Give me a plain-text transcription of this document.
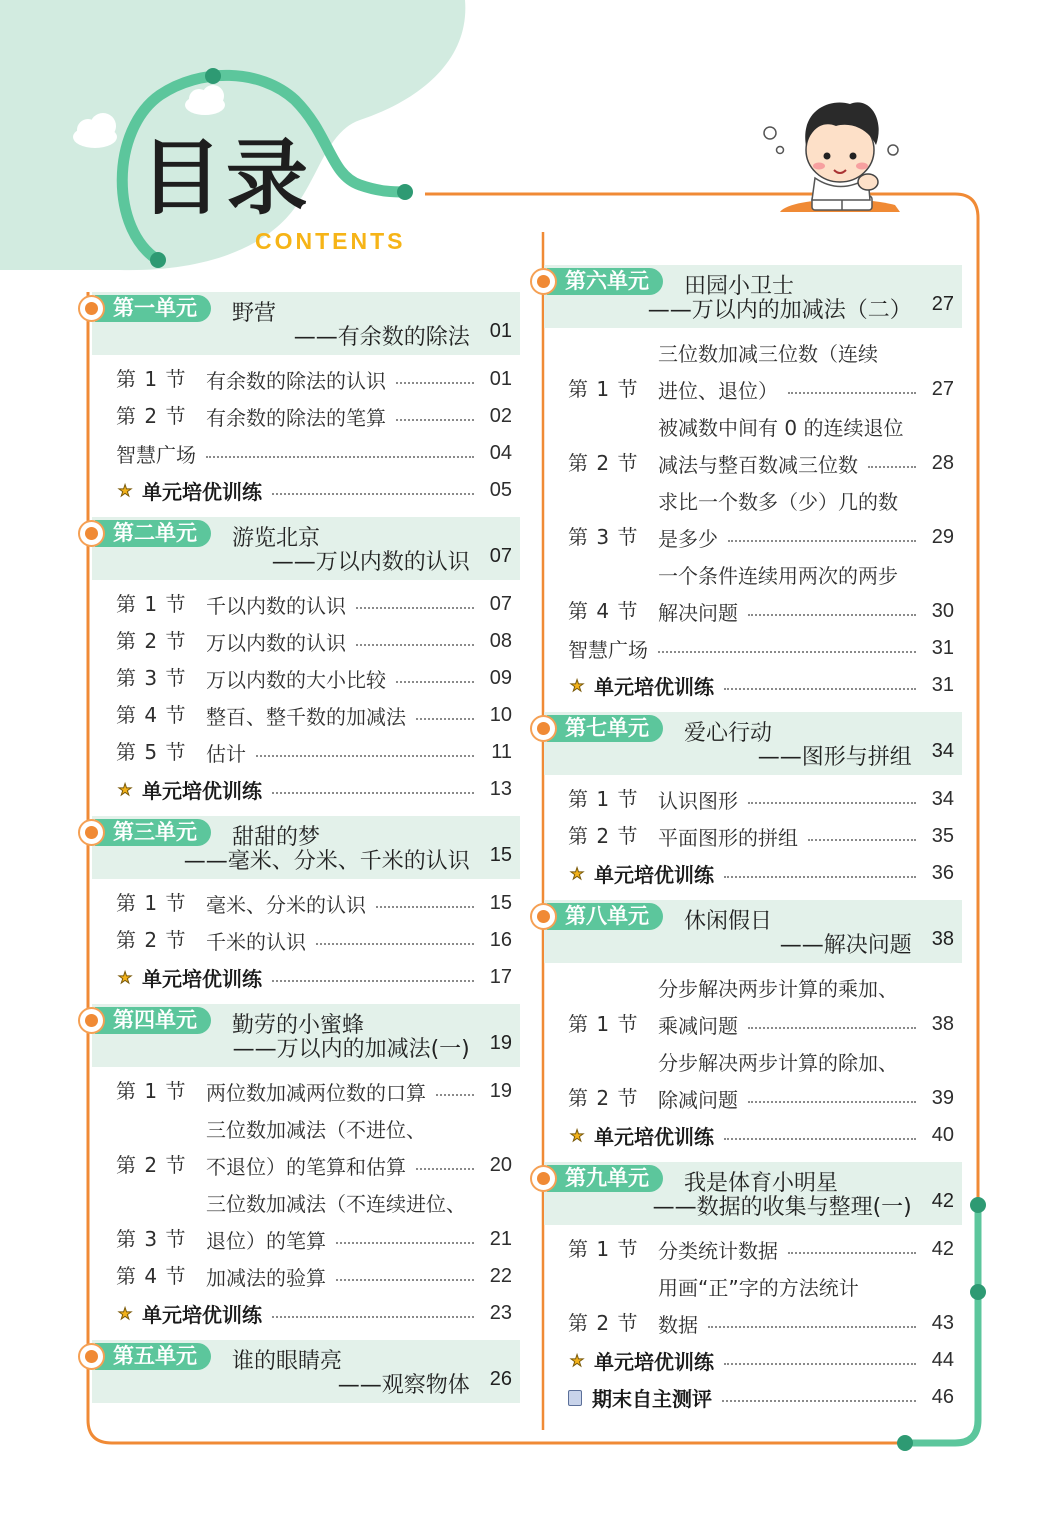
目录
CONTENTS
第一单元	野营
——有余数的除法 01
第 1 节 有余数的除法的认识	01
第 2 节 有余数的除法的笔算	02
智慧广场	04
★ 单元培优训练	05
第二单元	游览北京
——万以内数的认识 07
第 1 节 千以内数的认识	07
第 2 节 万以内数的认识	08
第 3 节 万以内数的大小比较	09
第 4 节 整百、整千数的加减法	10
第 5 节 估计	11
★ 单元培优训练	13
第三单元	甜甜的梦
——毫米、分米、千米的认识 15
第 1 节 毫米、分米的认识	15
第 2 节 千米的认识	16
★ 单元培优训练	17
第四单元	勤劳的小蜜蜂
——万以内的加减法(一) 19
第 1 节 两位数加减两位数的口算	19
第 2 节
三位数加减法（不进位、
不退位）的笔算和估算	20
第 3 节
三位数加减法（不连续进位、
退位）的笔算	21
第 4 节 加减法的验算	22
★ 单元培优训练	23
第五单元	谁的眼睛亮
——观察物体 26
第六单元	田园小卫士
——万以内的加减法（二） 27
第 1 节
三位数加减三位数（连续
进位、退位）	27
第 2 节
被减数中间有 0 的连续退位
减法与整百数减三位数	28
第 3 节
求比一个数多（少）几的数
是多少	29
第 4 节
一个条件连续用两次的两步
解决问题	30
智慧广场	31
★ 单元培优训练	31
第七单元	爱心行动
——图形与拼组 34
第 1 节 认识图形	34
第 2 节 平面图形的拼组	35
★ 单元培优训练	36
第八单元	休闲假日
——解决问题 38
第 1 节
分步解决两步计算的乘加、
乘减问题	38
第 2 节
分步解决两步计算的除加、
除减问题	39
★ 单元培优训练	40
第九单元	我是体育小明星
——数据的收集与整理(一) 42
第 1 节 分类统计数据	42
第 2 节
用画“正”字的方法统计
数据	43
★ 单元培优训练	44
期末自主测评	46
